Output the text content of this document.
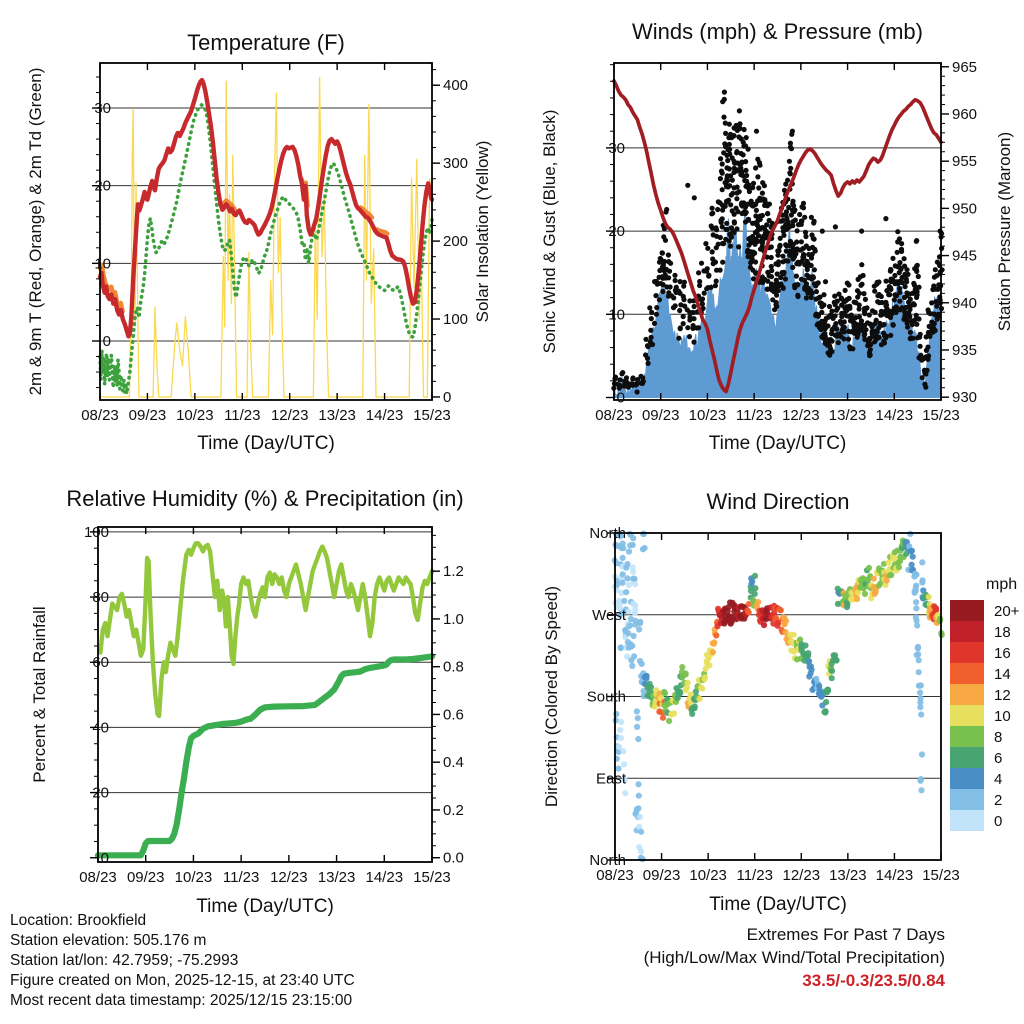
08/23 09/23 10/23 11/23 12/23 13/23 14/23 15/23
0
10
20
30
0
100
200
300
400
08/23 09/23 10/23 11/23 12/23 13/23 14/23 15/23
0
10
20
30
930
935
940
945
950
955
960
965
08/23 09/23 10/23 11/23 12/23 13/23 14/23 15/23
0
20
40
60
80
100
0.0
0.2
0.4
0.6
0.8
1.0
1.2
08/23 09/23 10/23 11/23 12/23 13/23 14/23 15/23
North
East
South
West
North
20+
18
16
14
12
10
8
6
4
2
0
Temperature (F)	Winds (mph) & Pressure (mb)
Relative Humidity (%) & Precipitation (in)	Wind Direction
Time (Day/UTC)	Time (Day/UTC)
Time (Day/UTC)	Time (Day/UTC)
2m & 9m T (Red, Orange) & 2m Td (Green)	Solar Insolation (Yellow)	Sonic Wind & Gust (Blue, Black)	Station Pressure (Maroon)
Percent & Total Rainfall	Direction (Colored By Speed)
mph
Location: Brookfield
Station elevation: 505.176 m
Station lat/lon: 42.7959; -75.2993
Figure created on Mon, 2025-12-15, at 23:40 UTC
Most recent data timestamp: 2025/12/15 23:15:00
Extremes For Past 7 Days
(High/Low/Max Wind/Total Precipitation)
33.5/-0.3/23.5/0.84
